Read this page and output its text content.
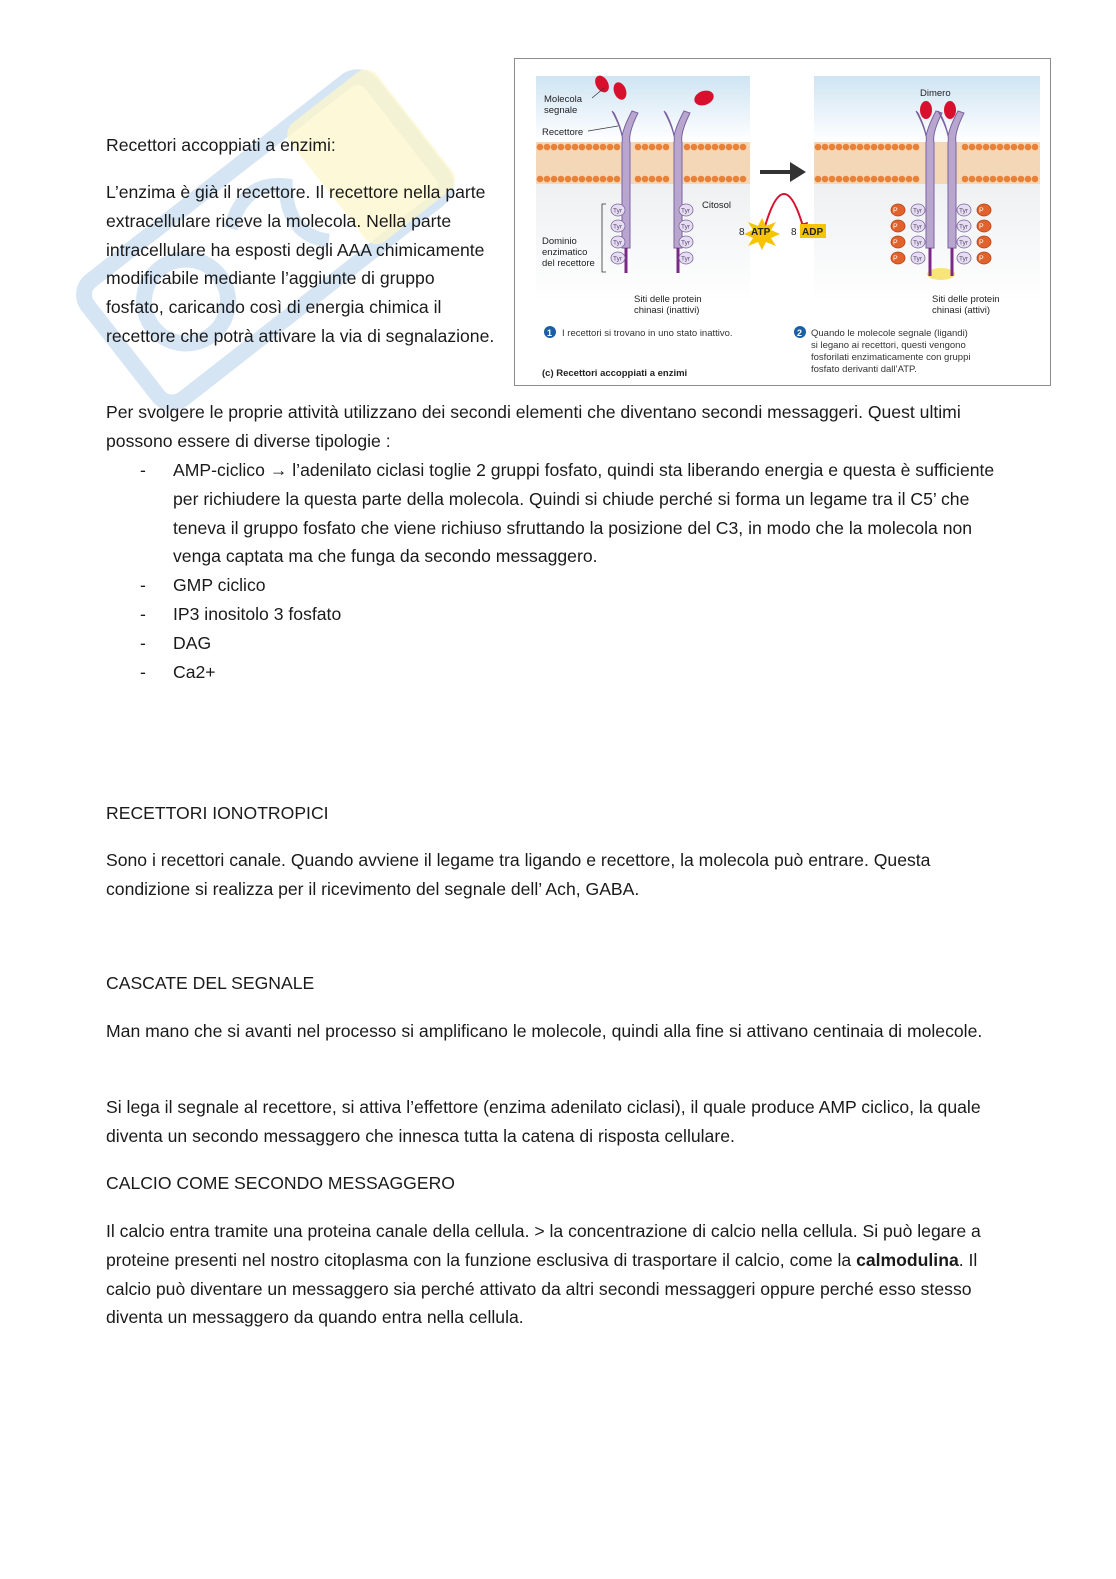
Recettori accoppiati a enzimi:

L’enzima è già il recettore. Il recettore nella parte extracellulare riceve la molecola. Nella parte intracellulare ha esposti degli AAA chimicamente modificabile mediante l’aggiunte di gruppo fosfato, caricando così di energia chimica il recettore che potrà attivare la via di segnalazione.

Tyr	Tyr
Tyr	Tyr
Tyr	Tyr
Tyr	Tyr
8 ATP 8 ADP
Tyr	Tyr
P	P
Tyr	Tyr
P	P
Tyr	Tyr
P	P
Tyr	Tyr
P	P
Molecola
segnale
Recettore
Citosol
Dominio
enzimatico
del recettore
Siti delle protein
chinasi (inattivi)
Dimero
Siti delle protein
chinasi (attivi)
1 I recettori si trovano in uno stato inattivo.	2 Quando le molecole segnale (ligandi)
si legano ai recettori, questi vengono
fosforilati enzimaticamente con gruppi
fosfato derivanti dall’ATP.
(c) Recettori accoppiati a enzimi

Per svolgere le proprie attività utilizzano dei secondi elementi che diventano secondi messaggeri. Quest ultimi possono essere di diverse tipologie :

- AMP-ciclico → l’adenilato ciclasi toglie 2 gruppi fosfato, quindi sta liberando energia e questa è sufficiente per richiudere la questa parte della molecola. Quindi si chiude perché si forma un legame tra il C5’ che teneva il gruppo fosfato che viene richiuso sfruttando la posizione del C3, in modo che la molecola non venga captata ma che funga da secondo messaggero.
- GMP ciclico
- IP3 inositolo 3 fosfato
- DAG
- Ca2+

RECETTORI IONOTROPICI

Sono i recettori canale. Quando avviene il legame tra ligando e recettore, la molecola può entrare. Questa condizione si realizza per il ricevimento del segnale dell’ Ach, GABA.

CASCATE DEL SEGNALE

Man mano che si avanti nel processo si amplificano le molecole, quindi alla fine si attivano centinaia di molecole.

Si lega il segnale al recettore, si attiva l’effettore (enzima adenilato ciclasi), il quale produce AMP ciclico, la quale diventa un secondo messaggero che innesca tutta la catena di risposta cellulare.

CALCIO COME SECONDO MESSAGGERO

Il calcio entra tramite una proteina canale della cellula. > la concentrazione di calcio nella cellula. Si può legare a proteine presenti nel nostro citoplasma con la funzione esclusiva di trasportare il calcio, come la calmodulina. Il calcio può diventare un messaggero sia perché attivato da altri secondi messaggeri oppure perché esso stesso diventa un messaggero da quando entra nella cellula.
